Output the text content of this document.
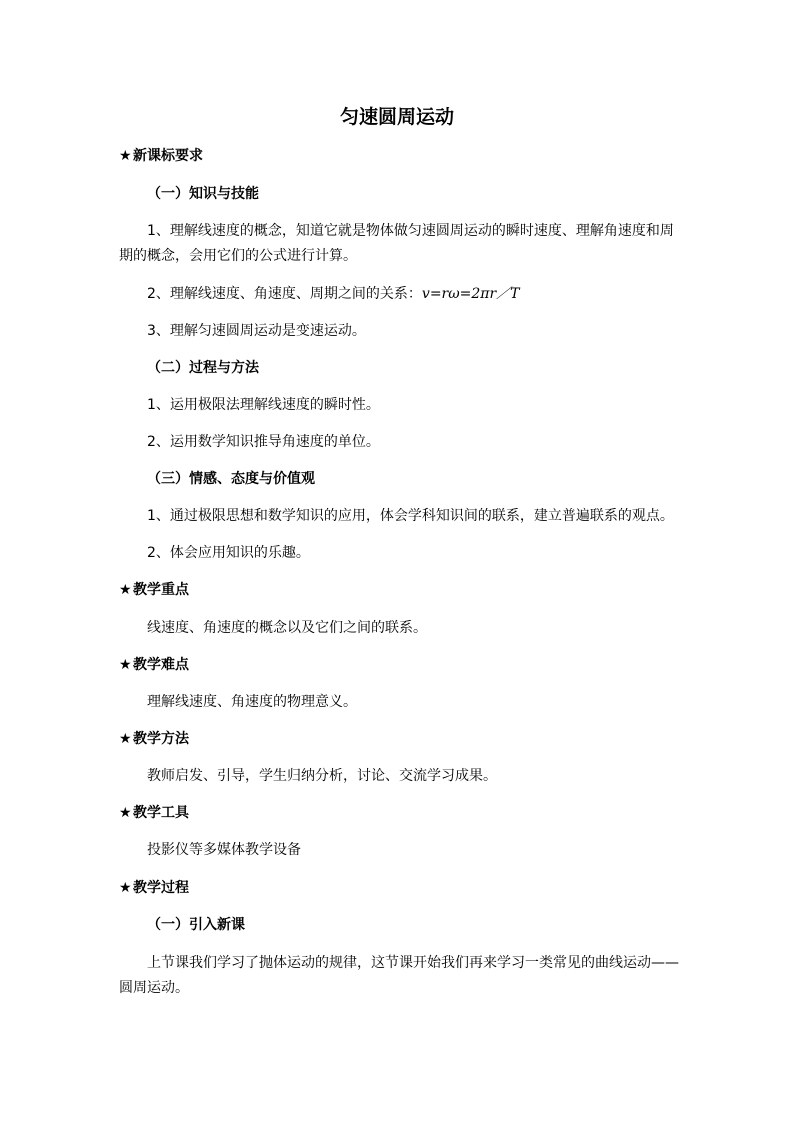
匀速圆周运动
★新课标要求
（一）知识与技能
1、理解线速度的概念，知道它就是物体做匀速圆周运动的瞬时速度、理解角速度和周
期的概念，会用它们的公式进行计算。
2、理解线速度、角速度、周期之间的关系：v=rω=2πr／T
3、理解匀速圆周运动是变速运动。
（二）过程与方法
1、运用极限法理解线速度的瞬时性。
2、运用数学知识推导角速度的单位。
（三）情感、态度与价值观
1、通过极限思想和数学知识的应用，体会学科知识间的联系，建立普遍联系的观点。
2、体会应用知识的乐趣。
★教学重点
线速度、角速度的概念以及它们之间的联系。
★教学难点
理解线速度、角速度的物理意义。
★教学方法
教师启发、引导，学生归纳分析，讨论、交流学习成果。
★教学工具
投影仪等多媒体教学设备
★教学过程
（一）引入新课
上节课我们学习了抛体运动的规律，这节课开始我们再来学习一类常见的曲线运动——
圆周运动。
